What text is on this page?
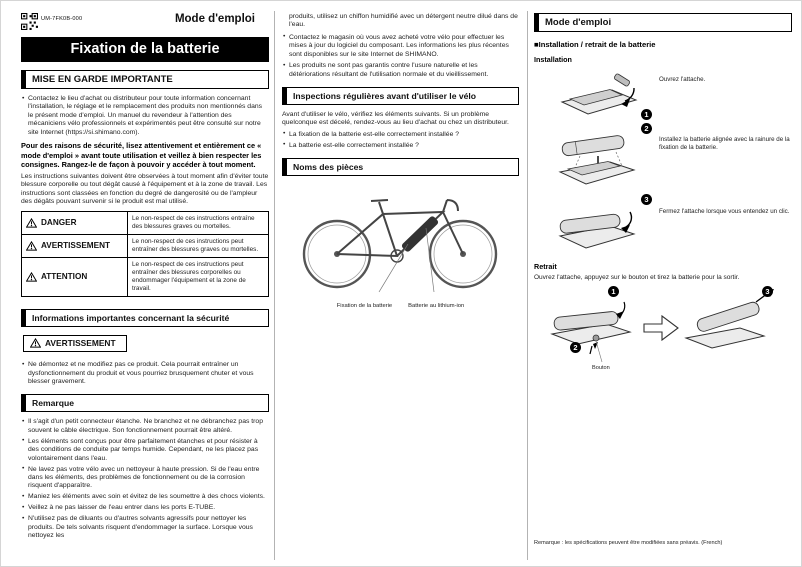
UM-7FK0B-000	Mode d'emploi
Fixation de la batterie
MISE EN GARDE IMPORTANTE
• Contactez le lieu d'achat ou distributeur pour toute information concernant l'installation, le réglage et le remplacement des produits non mentionnés dans le présent mode d'emploi. Un manuel du revendeur à l'attention des mécaniciens vélo professionnels et expérimentés peut être consulté sur notre site Internet (https://si.shimano.com).
Pour des raisons de sécurité, lisez attentivement et entièrement ce « mode d'emploi » avant toute utilisation et veillez à bien respecter les consignes. Rangez-le de façon à pouvoir y accéder à tout moment.
Les instructions suivantes doivent être observées à tout moment afin d'éviter toute blessure corporelle ou tout dégât causé à l'équipement et à la zone de travail. Les instructions sont classées en fonction du degré de dangerosité ou de l'ampleur des dégâts pouvant survenir si le produit est mal utilisé.
DANGER	Le non-respect de ces instructions entraîne des blessures graves ou mortelles.

AVERTISSEMENT	Le non-respect de ces instructions peut entraîner des blessures graves ou mortelles.

ATTENTION	Le non-respect de ces instructions peut entraîner des blessures corporelles ou endommager l'équipement et la zone de travail.
Informations importantes concernant la sécurité
AVERTISSEMENT
• Ne démontez et ne modifiez pas ce produit. Cela pourrait entraîner un dysfonctionnement du produit et vous pourriez brusquement chuter et vous blesser gravement.
Remarque
• Il s'agit d'un petit connecteur étanche. Ne branchez et ne débranchez pas trop souvent le câble électrique. Son fonctionnement pourrait être altéré.
• Les éléments sont conçus pour être parfaitement étanches et pour résister à des conditions de conduite par temps humide. Cependant, ne les placez pas volontairement dans l'eau.
• Ne lavez pas votre vélo avec un nettoyeur à haute pression. Si de l'eau entre dans les éléments, des problèmes de fonctionnement ou de la corrosion risquent d'apparaître.
• Maniez les éléments avec soin et évitez de les soumettre à des chocs violents.
• Veillez à ne pas laisser de l'eau entrer dans les ports E-TUBE.
• N'utilisez pas de diluants ou d'autres solvants agressifs pour nettoyer les produits. De tels solvants risquent d'endommager la surface. Lorsque vous nettoyez les
produits, utilisez un chiffon humidifié avec un détergent neutre dilué dans de l'eau.
• Contactez le magasin où vous avez acheté votre vélo pour effectuer les mises à jour du logiciel du composant. Les informations les plus récentes sont disponibles sur le site Internet de SHIMANO.
• Les produits ne sont pas garantis contre l'usure naturelle et les détériorations résultant de l'utilisation normale et du vieillissement.
Inspections régulières avant d'utiliser le vélo
Avant d'utiliser le vélo, vérifiez les éléments suivants. Si un problème quelconque est décelé, rendez-vous au lieu d'achat ou chez un distributeur.
• La fixation de la batterie est-elle correctement installée ?
• La batterie est-elle correctement installée ?
Noms des pièces
Fixation de la batterie	Batterie au lithium-ion
Mode d'emploi
■Installation / retrait de la batterie
Installation
1
Ouvrez l'attache.
2
Installez la batterie alignée avec la rainure de la fixation de la batterie.
3
Fermez l'attache lorsque vous entendez un clic.
Retrait
Ouvrez l'attache, appuyez sur le bouton et tirez la batterie pour la sortir.
1
2
3
Bouton
Remarque : les spécifications peuvent être modifiées sans préavis. (French)
